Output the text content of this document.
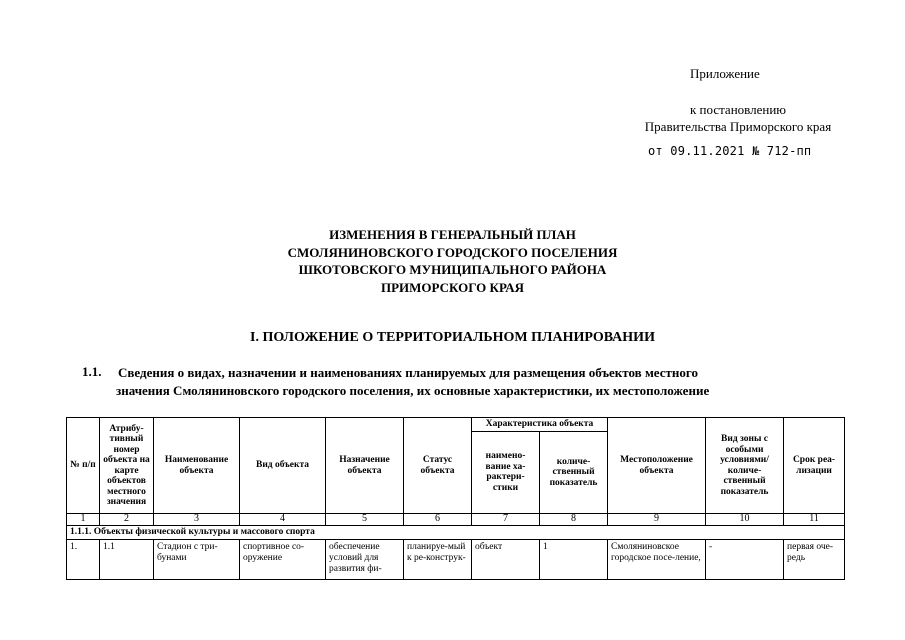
Приложение
к постановлению
Правительства Приморского края
от 09.11.2021 № 712-пп
ИЗМЕНЕНИЯ В ГЕНЕРАЛЬНЫЙ ПЛАН
СМОЛЯНИНОВСКОГО ГОРОДСКОГО ПОСЕЛЕНИЯ
ШКОТОВСКОГО МУНИЦИПАЛЬНОГО РАЙОНА
ПРИМОРСКОГО КРАЯ
I. ПОЛОЖЕНИЕ О ТЕРРИТОРИАЛЬНОМ ПЛАНИРОВАНИИ
1.1. Сведения о видах, назначении и наименованиях планируемых для размещения объектов местного
значения Смоляниновского городского поселения, их основные характеристики, их местоположение
№ п/п	Атрибу-тивный номер объекта на карте объектов местного значения	Наименование объекта	Вид объекта	Назначение объекта	Статус объекта	Характеристика объекта		Местоположение объекта	Вид зоны с особыми условиями/ количе-ственный показатель	Срок реа-лизации
						наимено-вание ха-рактери-стики	количе-ственный показатель			
1	2	3	4	5	6	7	8	9	10	11
1.1.1. Объекты физической культуры и массового спорта										
1.	1.1	Стадион с три-бунами	спортивное со-оружение	обеспечение условий для развития фи-	планируе-мый к ре-конструк-	объект	1	Смоляниновское городское посе-ление,	-	первая оче-редь
